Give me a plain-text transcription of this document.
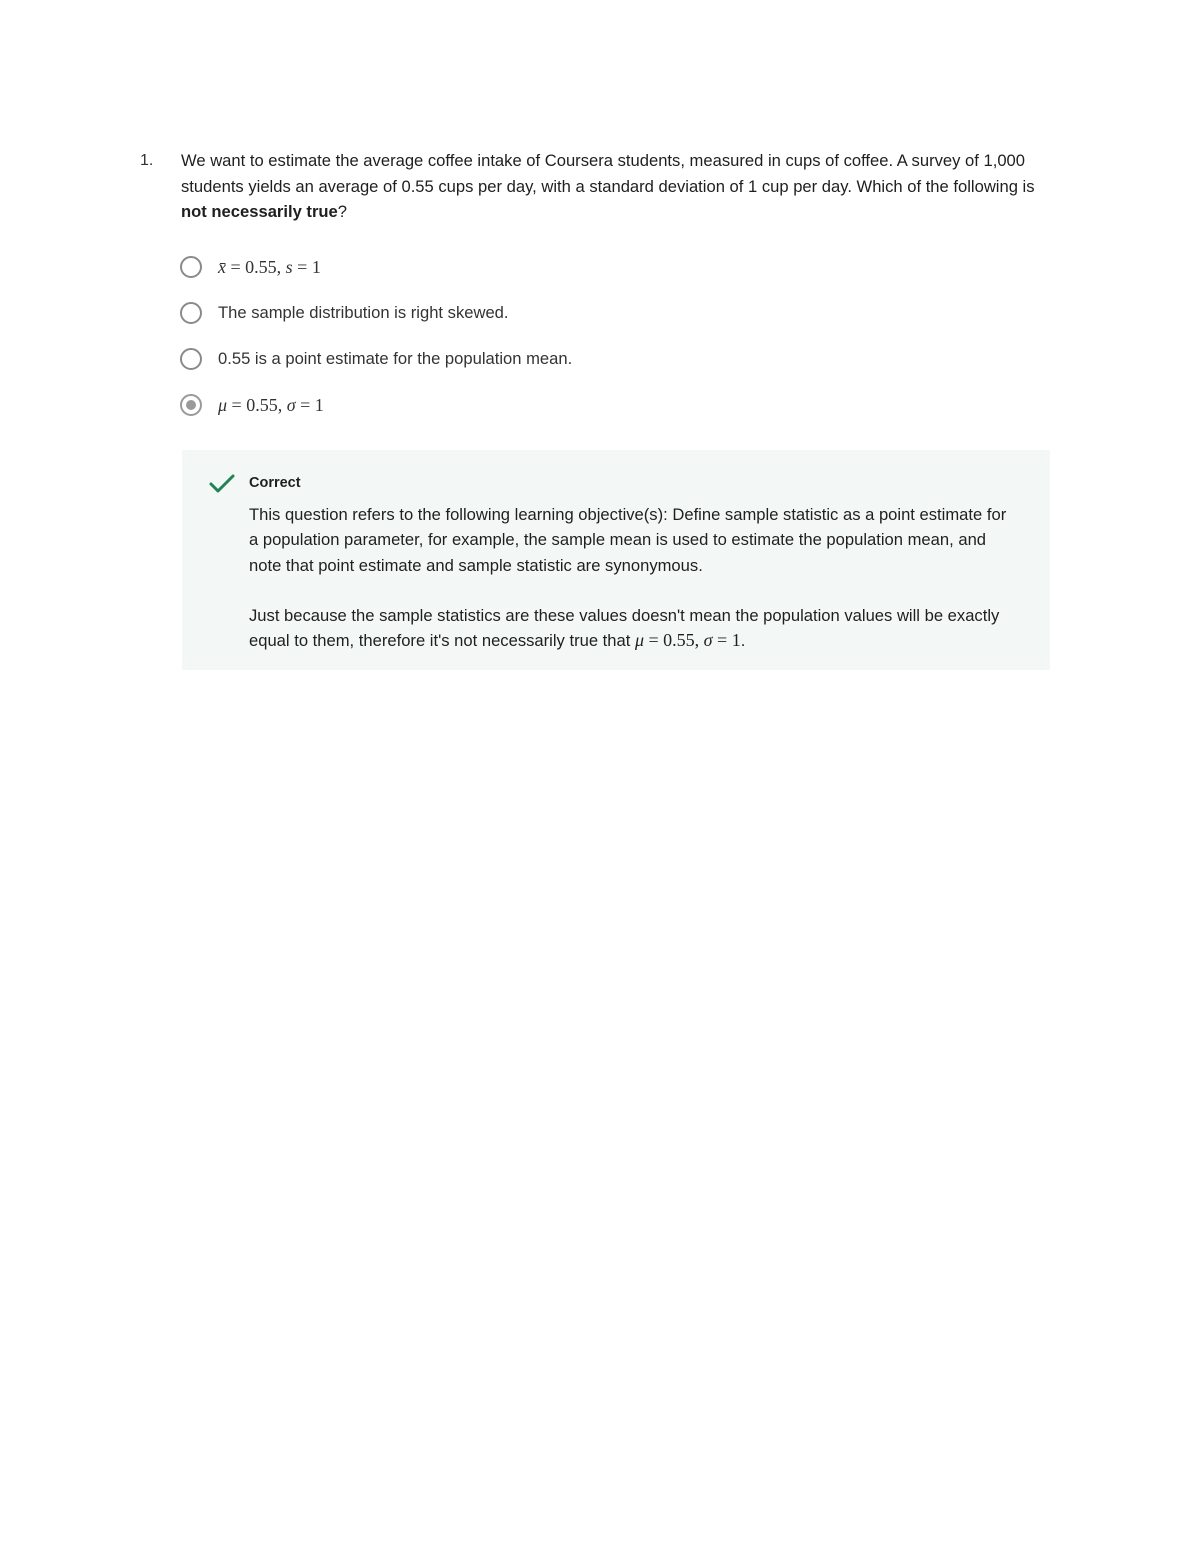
1.	We want to estimate the average coffee intake of Coursera students, measured in cups of coffee. A survey of 1,000 students yields an average of 0.55 cups per day, with a standard deviation of 1 cup per day. Which of the following is not necessarily true?
x̄ = 0.55, s = 1
The sample distribution is right skewed.
0.55 is a point estimate for the population mean.
μ = 0.55, σ = 1
Correct

This question refers to the following learning objective(s): Define sample statistic as a point estimate for a population parameter, for example, the sample mean is used to estimate the population mean, and note that point estimate and sample statistic are synonymous.

Just because the sample statistics are these values doesn't mean the population values will be exactly equal to them, therefore it's not necessarily true that μ = 0.55, σ = 1.
